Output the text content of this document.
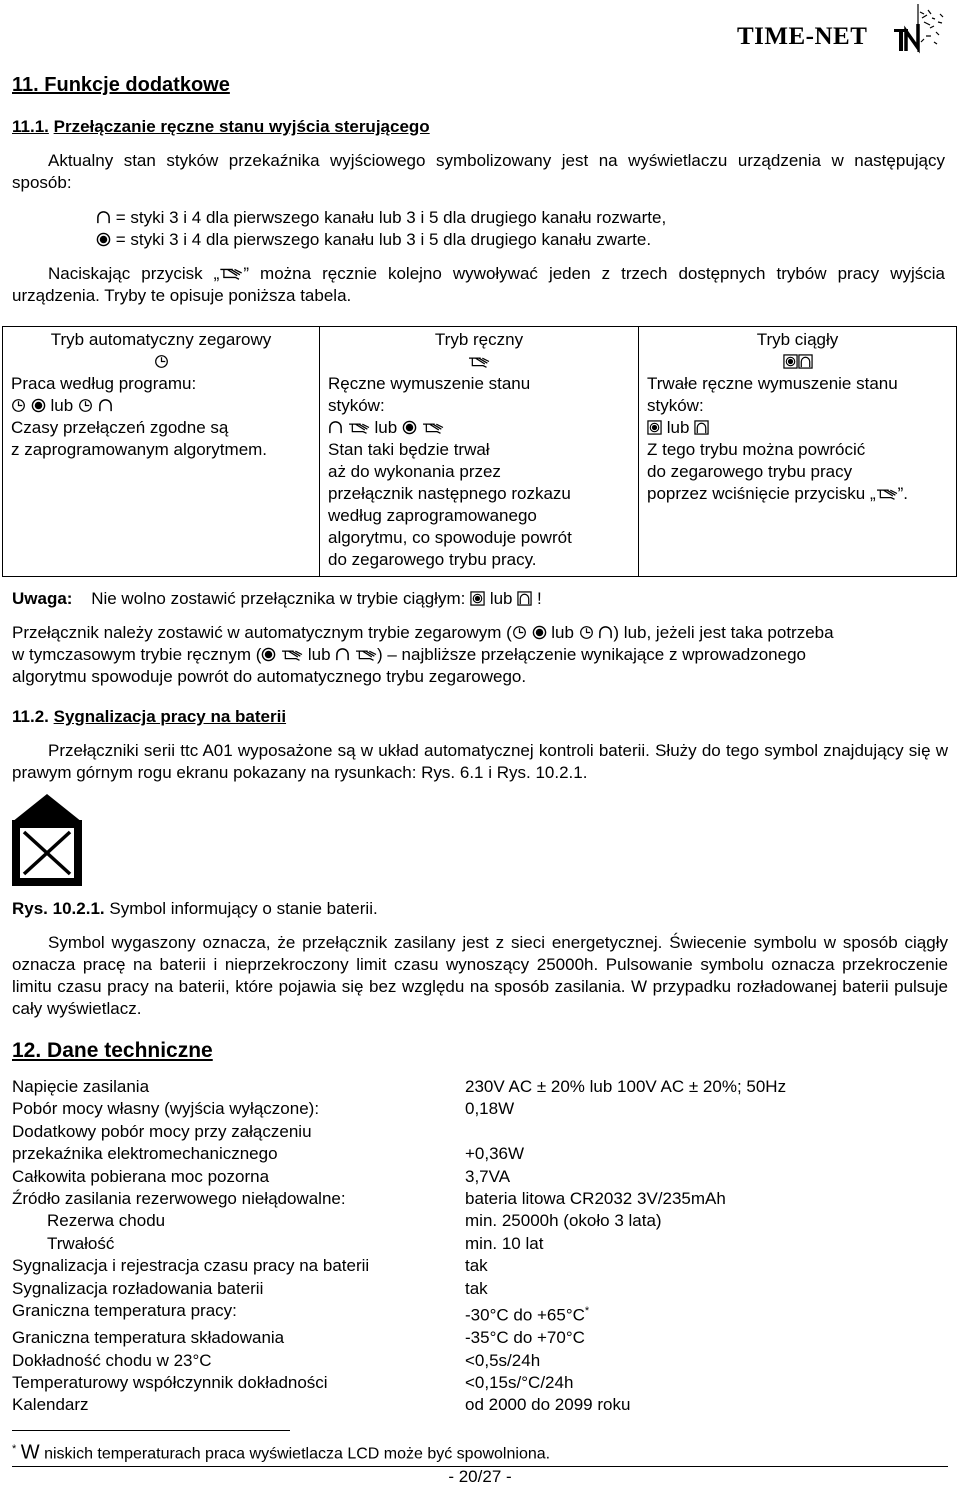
TIME-NET
11. Funkcje dodatkowe
11.1. Przełączanie ręczne stanu wyjścia sterującego
Aktualny stan styków przekaźnika wyjściowego symbolizowany jest na wyświetlaczu urządzenia w następujący sposób:
= styki 3 i 4 dla pierwszego kanału lub 3 i 5 dla drugiego kanału rozwarte,
= styki 3 i 4 dla pierwszego kanału lub 3 i 5 dla drugiego kanału zwarte.
Naciskając przycisk „ ” można ręcznie kolejno wywoływać jeden z trzech dostępnych trybów pracy wyjścia urządzenia. Tryby te opisuje poniższa tabela.
Tryb automatyczny zegarowy
Praca według programu:
lub
Czasy przełączeń zgodne są
z zaprogramowanym algorytmem.

Tryb ręczny
Ręczne wymuszenie stanu
styków:
lub
Stan taki będzie trwał
aż do wykonania przez
przełącznik następnego rozkazu
według zaprogramowanego
algorytmu, co spowoduje powrót
do zegarowego trybu pracy.

Tryb ciągły
Trwałe ręczne wymuszenie stanu
styków:
lub
Z tego trybu można powrócić
do zegarowego trybu pracy
poprzez wciśnięcie przycisku „ ”.
Uwaga: Nie wolno zostawić przełącznika w trybie ciągłym: lub !
Przełącznik należy zostawić w automatycznym trybie zegarowym ( lub ) lub, jeżeli jest taka potrzeba
w tymczasowym trybie ręcznym (	lub	) – najbliższe przełączenie wynikające z wprowadzonego
algorytmu spowoduje powrót do automatycznego trybu zegarowego.
11.2. Sygnalizacja pracy na baterii
Przełączniki serii ttc A01 wyposażone są w układ automatycznej kontroli baterii. Służy do tego symbol znajdujący się w prawym górnym rogu ekranu pokazany na rysunkach: Rys. 6.1 i Rys. 10.2.1.
Rys. 10.2.1. Symbol informujący o stanie baterii.
Symbol wygaszony oznacza, że przełącznik zasilany jest z sieci energetycznej. Świecenie symbolu w sposób ciągły oznacza pracę na baterii i nieprzekroczony limit czasu wynoszący 25000h. Pulsowanie symbolu oznacza przekroczenie limitu czasu pracy na baterii, które pojawia się bez względu na sposób zasilania. W przypadku rozładowanej baterii pulsuje cały wyświetlacz.
12. Dane techniczne
Napięcie zasilania	230V AC ± 20% lub 100V AC ± 20%; 50Hz
Pobór mocy własny (wyjścia wyłączone):	0,18W
Dodatkowy pobór mocy przy załączeniu
przekaźnika elektromechanicznego	+0,36W
Całkowita pobierana moc pozorna	3,7VA
Źródło zasilania rezerwowego niełądowalne:	bateria litowa CR2032 3V/235mAh
Rezerwa chodu	min. 25000h (około 3 lata)
Trwałość	min. 10 lat
Sygnalizacja i rejestracja czasu pracy na baterii	tak
Sygnalizacja rozładowania baterii	tak
Graniczna temperatura pracy:	-30°C do +65°C*
Graniczna temperatura składowania	-35°C do +70°C
Dokładność chodu w 23°C	<0,5s/24h
Temperaturowy współczynnik dokładności	<0,15s/°C/24h
Kalendarz	od 2000 do 2099 roku
* W niskich temperaturach praca wyświetlacza LCD może być spowolniona.
- 20/27 -
